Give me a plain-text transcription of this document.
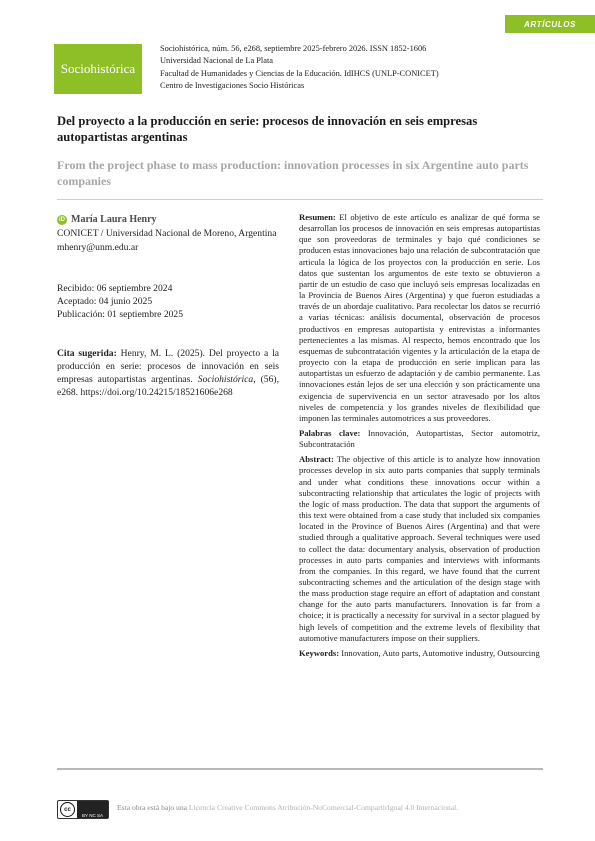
ARTÍCULOS
Sociohistórica
Sociohistórica, núm. 56, e268, septiembre 2025-febrero 2026. ISSN 1852-1606
Universidad Nacional de La Plata
Facultad de Humanidades y Ciencias de la Educación. IdIHCS (UNLP-CONICET)
Centro de Investigaciones Socio Históricas
Del proyecto a la producción en serie: procesos de innovación en seis empresas autopartistas argentinas
From the project phase to mass production: innovation processes in six Argentine auto parts companies
iD María Laura Henry
CONICET / Universidad Nacional de Moreno, Argentina
mhenry@unm.edu.ar
Recibido: 06 septiembre 2024
Aceptado: 04 junio 2025
Publicación: 01 septiembre 2025
Cita sugerida: Henry, M. L. (2025). Del proyecto a la producción en serie: procesos de innovación en seis empresas autopartistas argentinas. Sociohistórica, (56), e268. https://doi.org/10.24215/18521606e268

Resumen: El objetivo de este artículo es analizar de qué forma se desarrollan los procesos de innovación en seis empresas autopartistas que son proveedoras de terminales y bajo qué condiciones se producen estas innovaciones bajo una relación de subcontratación que articula la lógica de los proyectos con la producción en serie. Los datos que sustentan los argumentos de este texto se obtuvieron a partir de un estudio de caso que incluyó seis empresas localizadas en la Provincia de Buenos Aires (Argentina) y que fueron estudiadas a través de un abordaje cualitativo. Para recolectar los datos se recurrió a varias técnicas: análisis documental, observación de procesos productivos en empresas autopartista y entrevistas a informantes pertenecientes a las mismas. Al respecto, hemos encontrado que los esquemas de subcontratación vigentes y la articulación de la etapa de proyecto con la etapa de producción en serie implican para las autopartistas un esfuerzo de adaptación y de cambio permanente. Las innovaciones están lejos de ser una elección y son prácticamente una exigencia de supervivencia en un sector atravesado por los altos niveles de competencia y los grandes niveles de flexibilidad que imponen las terminales automotrices a sus proveedores.

Palabras clave: Innovación, Autopartistas, Sector automotriz, Subcontratación

Abstract: The objective of this article is to analyze how innovation processes develop in six auto parts companies that supply terminals and under what conditions these innovations occur within a subcontracting relationship that articulates the logic of projects with the logic of mass production. The data that support the arguments of this text were obtained from a case study that included six companies located in the Province of Buenos Aires (Argentina) and that were studied through a qualitative approach. Several techniques were used to collect the data: documentary analysis, observation of production processes in auto parts companies and interviews with informants from the companies. In this regard, we have found that the current subcontracting schemes and the articulation of the design stage with the mass production stage require an effort of adaptation and constant change for the auto parts manufacturers. Innovation is far from a choice; it is practically a necessity for survival in a sector plagued by high levels of competition and the extreme levels of flexibility that automotive manufacturers impose on their suppliers.

Keywords: Innovation, Auto parts, Automotive industry, Outsourcing

cc
BY NC SA
Esta obra está bajo una Licencia Creative Commons Atribución-NoComercial-CompartirIgual 4.0 Internacional.
